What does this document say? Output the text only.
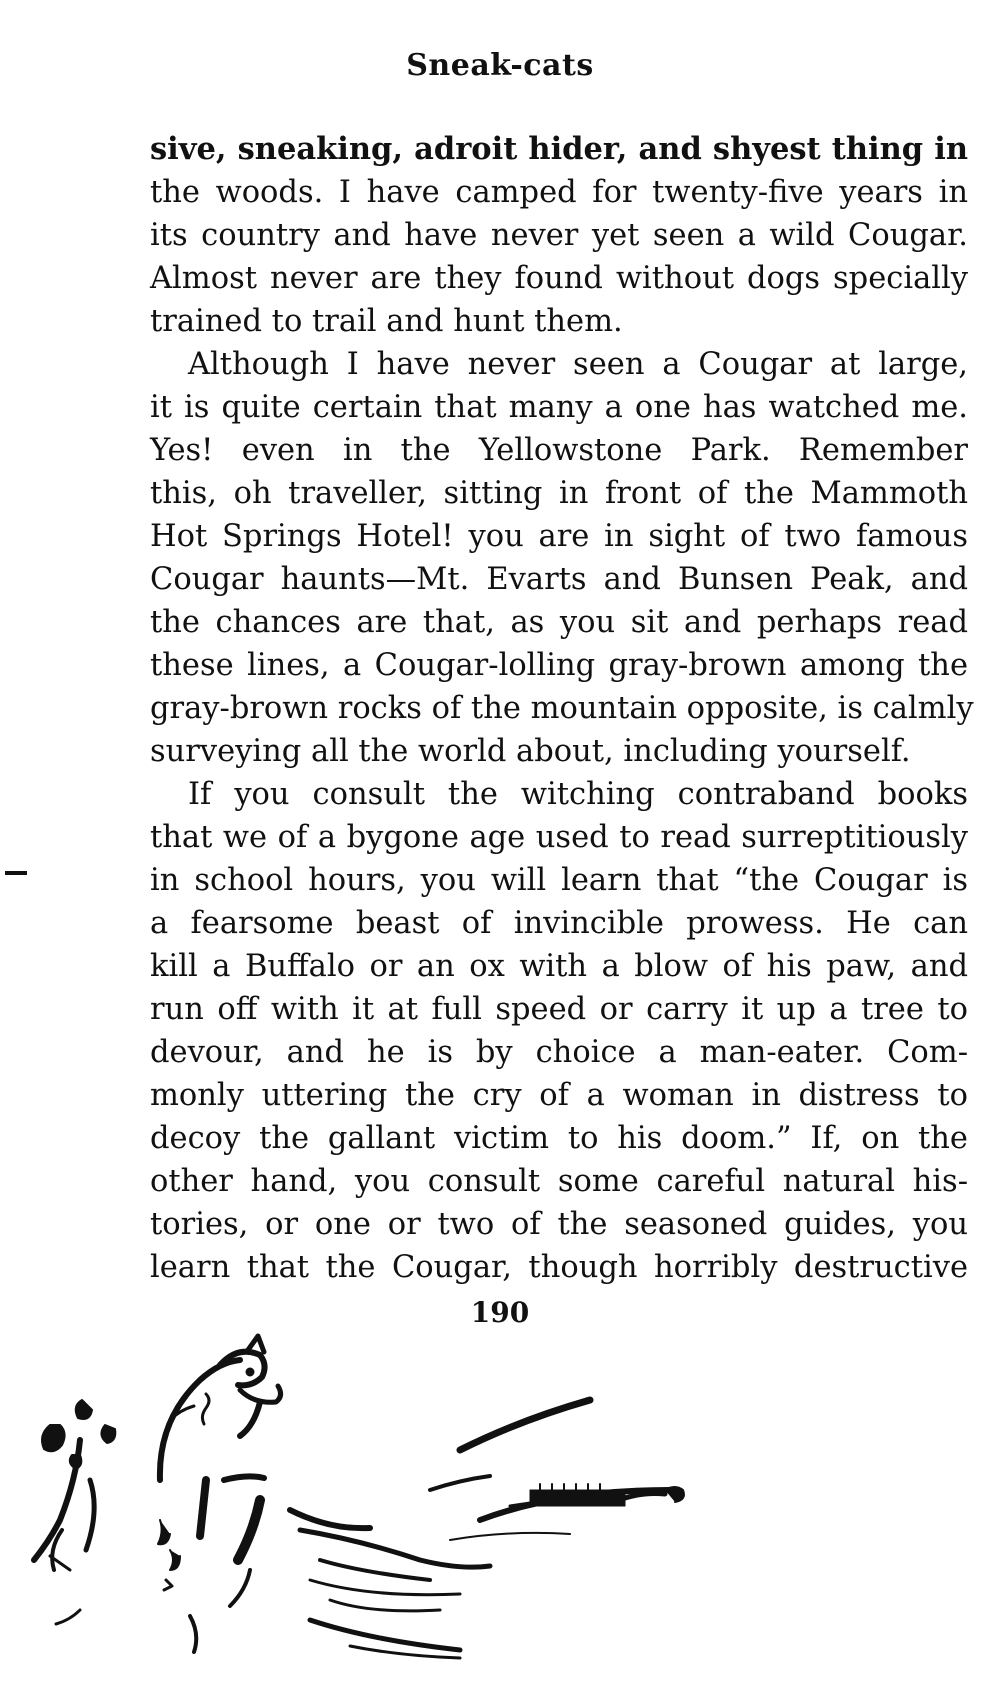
Sneak-cats
sive, sneaking, adroit hider, and shyest thing in
the woods. I have camped for twenty-five years in
its country and have never yet seen a wild Cougar.
Almost never are they found without dogs specially
trained to trail and hunt them.
Although I have never seen a Cougar at large,
it is quite certain that many a one has watched me.
Yes! even in the Yellowstone Park. Remember
this, oh traveller, sitting in front of the Mammoth
Hot Springs Hotel! you are in sight of two famous
Cougar haunts—Mt. Evarts and Bunsen Peak, and
the chances are that, as you sit and perhaps read
these lines, a Cougar-lolling gray-brown among the
gray-brown rocks of the mountain opposite, is calmly
surveying all the world about, including yourself.
If you consult the witching contraband books
that we of a bygone age used to read surreptitiously
in school hours, you will learn that “the Cougar is
a fearsome beast of invincible prowess. He can
kill a Buffalo or an ox with a blow of his paw, and
run off with it at full speed or carry it up a tree to
devour, and he is by choice a man-eater. Com-
monly uttering the cry of a woman in distress to
decoy the gallant victim to his doom.” If, on the
other hand, you consult some careful natural his-
tories, or one or two of the seasoned guides, you
learn that the Cougar, though horribly destructive
190
